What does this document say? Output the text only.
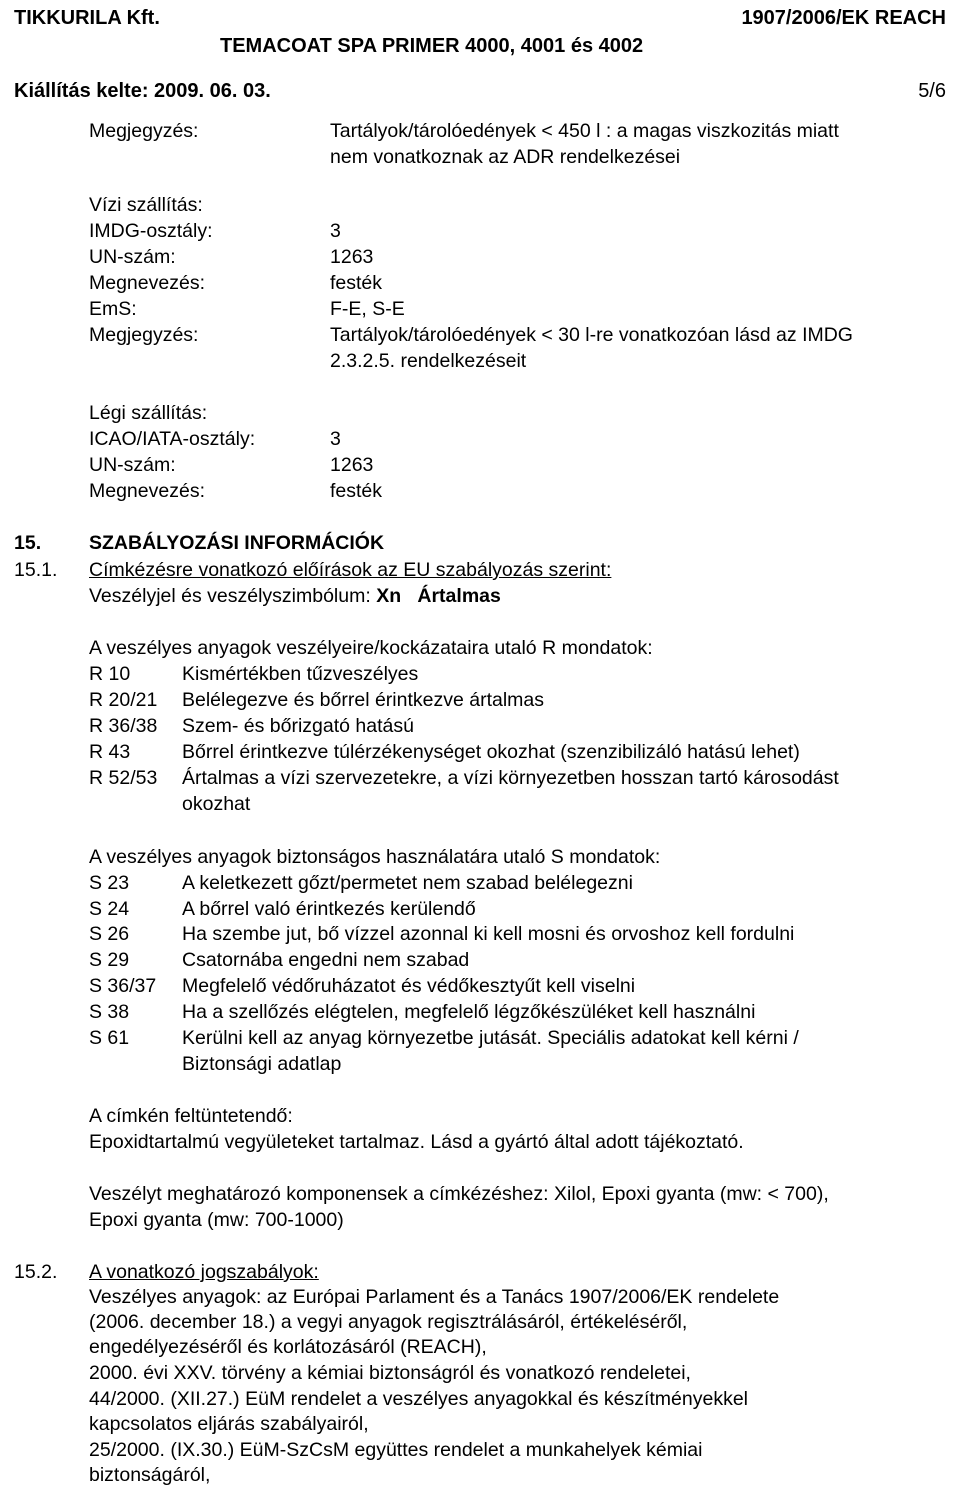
TIKKURILA Kft.	1907/2006/EK REACH
TEMACOAT SPA PRIMER 4000, 4001 és 4002
Kiállítás kelte: 2009. 06. 03.	5/6
Megjegyzés:	Tartályok/tárolóedények < 450 l : a magas viszkozitás miatt
nem vonatkoznak az ADR rendelkezései
Vízi szállítás:
IMDG-osztály:	3
UN-szám:	1263
Megnevezés:	festék
EmS:	F-E, S-E
Megjegyzés:	Tartályok/tárolóedények < 30 l-re vonatkozóan lásd az IMDG
2.3.2.5. rendelkezéseit
Légi szállítás:
ICAO/IATA-osztály:	3
UN-szám:	1263
Megnevezés:	festék
15. SZABÁLYOZÁSI INFORMÁCIÓK
15.1. Címkézésre vonatkozó előírások az EU szabályozás szerint:
Veszélyjel és veszélyszimbólum: Xn Ártalmas
A veszélyes anyagok veszélyeire/kockázataira utaló R mondatok:
R 10	Kismértékben tűzveszélyes
R 20/21 Belélegezve és bőrrel érintkezve ártalmas
R 36/38 Szem- és bőrizgató hatású
R 43	Bőrrel érintkezve túlérzékenységet okozhat (szenzibilizáló hatású lehet)
R 52/53 Ártalmas a vízi szervezetekre, a vízi környezetben hosszan tartó károsodást
okozhat
A veszélyes anyagok biztonságos használatára utaló S mondatok:
S 23	A keletkezett gőzt/permetet nem szabad belélegezni
S 24	A bőrrel való érintkezés kerülendő
S 26	Ha szembe jut, bő vízzel azonnal ki kell mosni és orvoshoz kell fordulni
S 29	Csatornába engedni nem szabad
S 36/37 Megfelelő védőruházatot és védőkesztyűt kell viselni
S 38	Ha a szellőzés elégtelen, megfelelő légzőkészüléket kell használni
S 61	Kerülni kell az anyag környezetbe jutását. Speciális adatokat kell kérni /
Biztonsági adatlap
A címkén feltüntetendő:
Epoxidtartalmú vegyületeket tartalmaz. Lásd a gyártó által adott tájékoztató.
Veszélyt meghatározó komponensek a címkézéshez: Xilol, Epoxi gyanta (mw: < 700),
Epoxi gyanta (mw: 700-1000)
15.2. A vonatkozó jogszabályok:
Veszélyes anyagok: az Európai Parlament és a Tanács 1907/2006/EK rendelete
(2006. december 18.) a vegyi anyagok regisztrálásáról, értékeléséről,
engedélyezéséről és korlátozásáról (REACH),
2000. évi XXV. törvény a kémiai biztonságról és vonatkozó rendeletei,
44/2000. (XII.27.) EüM rendelet a veszélyes anyagokkal és készítményekkel
kapcsolatos eljárás szabályairól,
25/2000. (IX.30.) EüM-SzCsM együttes rendelet a munkahelyek kémiai
biztonságáról,
